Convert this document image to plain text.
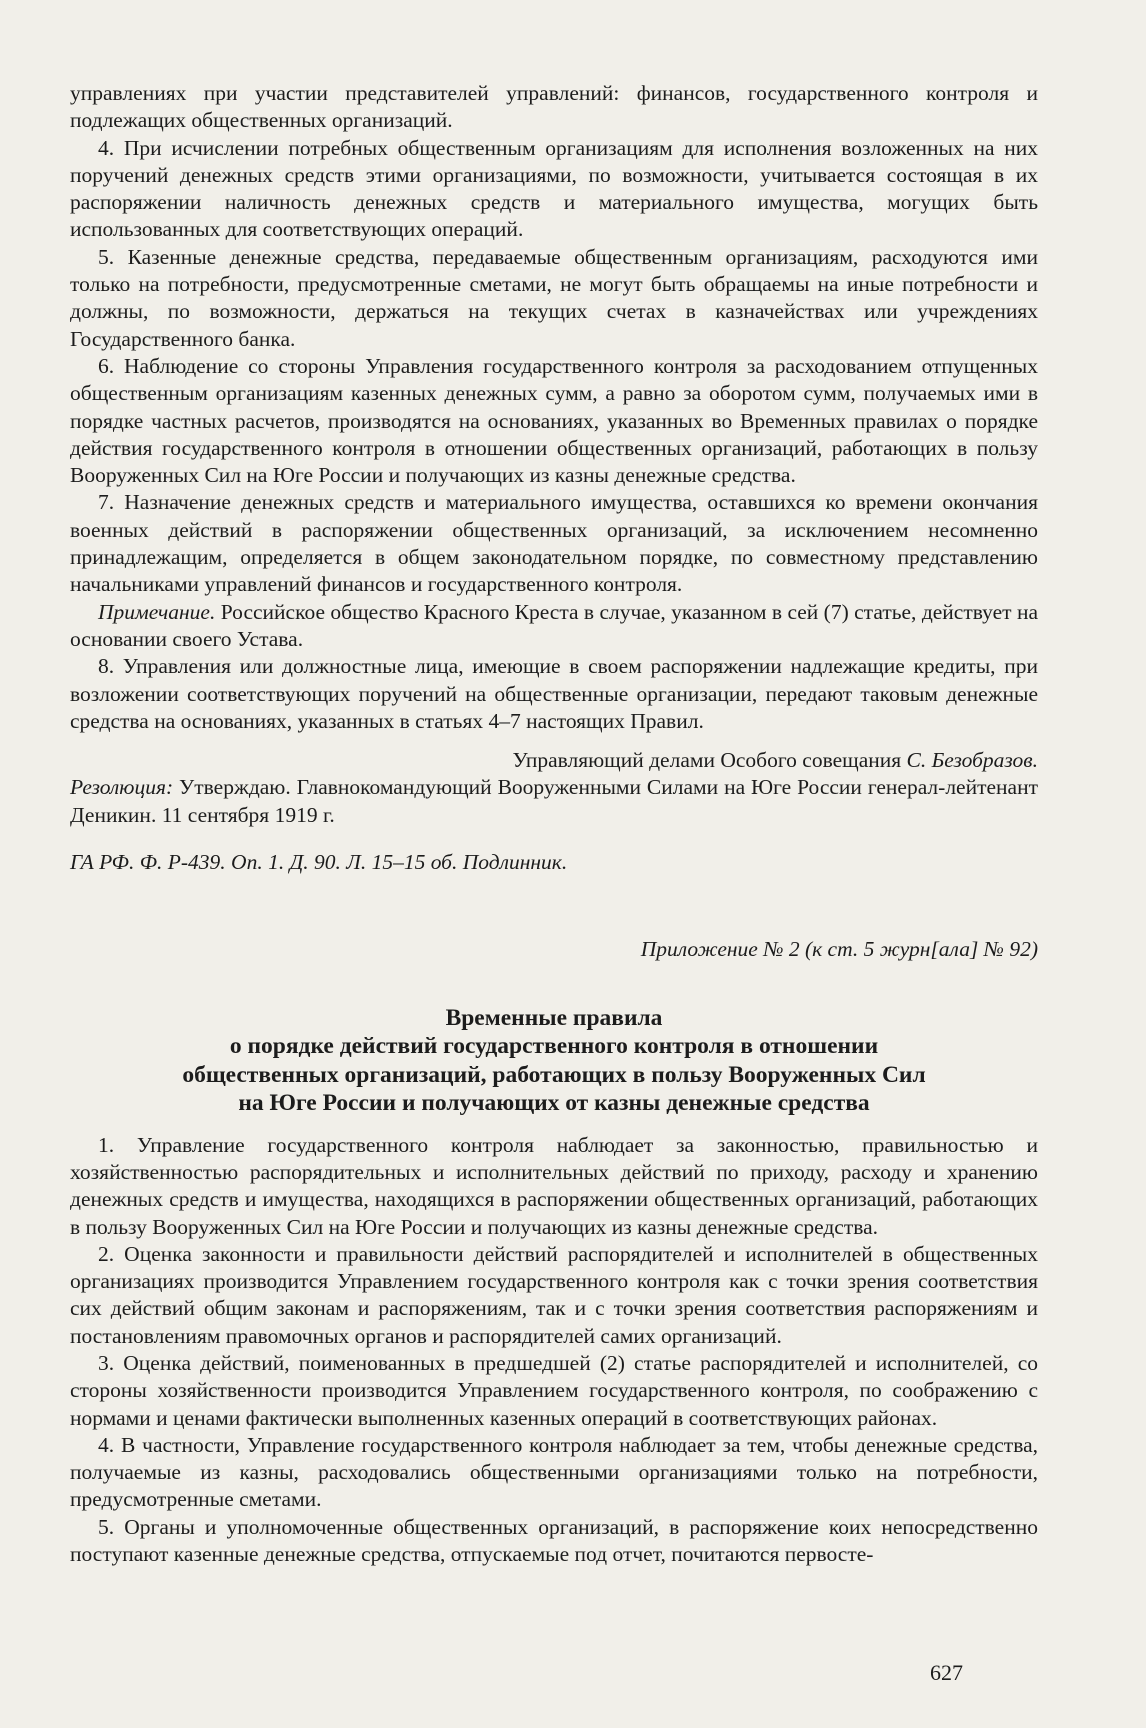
управлениях при участии представителей управлений: финансов, государственного контроля и подлежащих общественных организаций.

4. При исчислении потребных общественным организациям для исполнения возложенных на них поручений денежных средств этими организациями, по возможности, учитывается состоящая в их распоряжении наличность денежных средств и материального имущества, могущих быть использованных для соответствующих операций.

5. Казенные денежные средства, передаваемые общественным организациям, расходуются ими только на потребности, предусмотренные сметами, не могут быть обращаемы на иные потребности и должны, по возможности, держаться на текущих счетах в казначействах или учреждениях Государственного банка.

6. Наблюдение со стороны Управления государственного контроля за расходованием отпущенных общественным организациям казенных денежных сумм, а равно за оборотом сумм, получаемых ими в порядке частных расчетов, производятся на основаниях, указанных во Временных правилах о порядке действия государственного контроля в отношении общественных организаций, работающих в пользу Вооруженных Сил на Юге России и получающих из казны денежные средства.

7. Назначение денежных средств и материального имущества, оставшихся ко времени окончания военных действий в распоряжении общественных организаций, за исключением несомненно принадлежащим, определяется в общем законодательном порядке, по совместному представлению начальниками управлений финансов и государственного контроля.

Примечание. Российское общество Красного Креста в случае, указанном в сей (7) статье, действует на основании своего Устава.

8. Управления или должностные лица, имеющие в своем распоряжении надлежащие кредиты, при возложении соответствующих поручений на общественные организации, передают таковым денежные средства на основаниях, указанных в статьях 4–7 настоящих Правил.

Управляющий делами Особого совещания С. Безобразов.

Резолюция: Утверждаю. Главнокомандующий Вооруженными Силами на Юге России генерал-лейтенант Деникин. 11 сентября 1919 г.

ГА РФ. Ф. Р-439. Оп. 1. Д. 90. Л. 15–15 об. Подлинник.

Приложение № 2 (к ст. 5 журн[ала] № 92)

Временные правила
о порядке действий государственного контроля в отношении
общественных организаций, работающих в пользу Вооруженных Сил
на Юге России и получающих от казны денежные средства

1. Управление государственного контроля наблюдает за законностью, правильностью и хозяйственностью распорядительных и исполнительных действий по приходу, расходу и хранению денежных средств и имущества, находящихся в распоряжении общественных организаций, работающих в пользу Вооруженных Сил на Юге России и получающих из казны денежные средства.

2. Оценка законности и правильности действий распорядителей и исполнителей в общественных организациях производится Управлением государственного контроля как с точки зрения соответствия сих действий общим законам и распоряжениям, так и с точки зрения соответствия распоряжениям и постановлениям правомочных органов и распорядителей самих организаций.

3. Оценка действий, поименованных в предшедшей (2) статье распорядителей и исполнителей, со стороны хозяйственности производится Управлением государственного контроля, по соображению с нормами и ценами фактически выполненных казенных операций в соответствующих районах.

4. В частности, Управление государственного контроля наблюдает за тем, чтобы денежные средства, получаемые из казны, расходовались общественными организациями только на потребности, предусмотренные сметами.

5. Органы и уполномоченные общественных организаций, в распоряжение коих непосредственно поступают казенные денежные средства, отпускаемые под отчет, почитаются первосте-

627
